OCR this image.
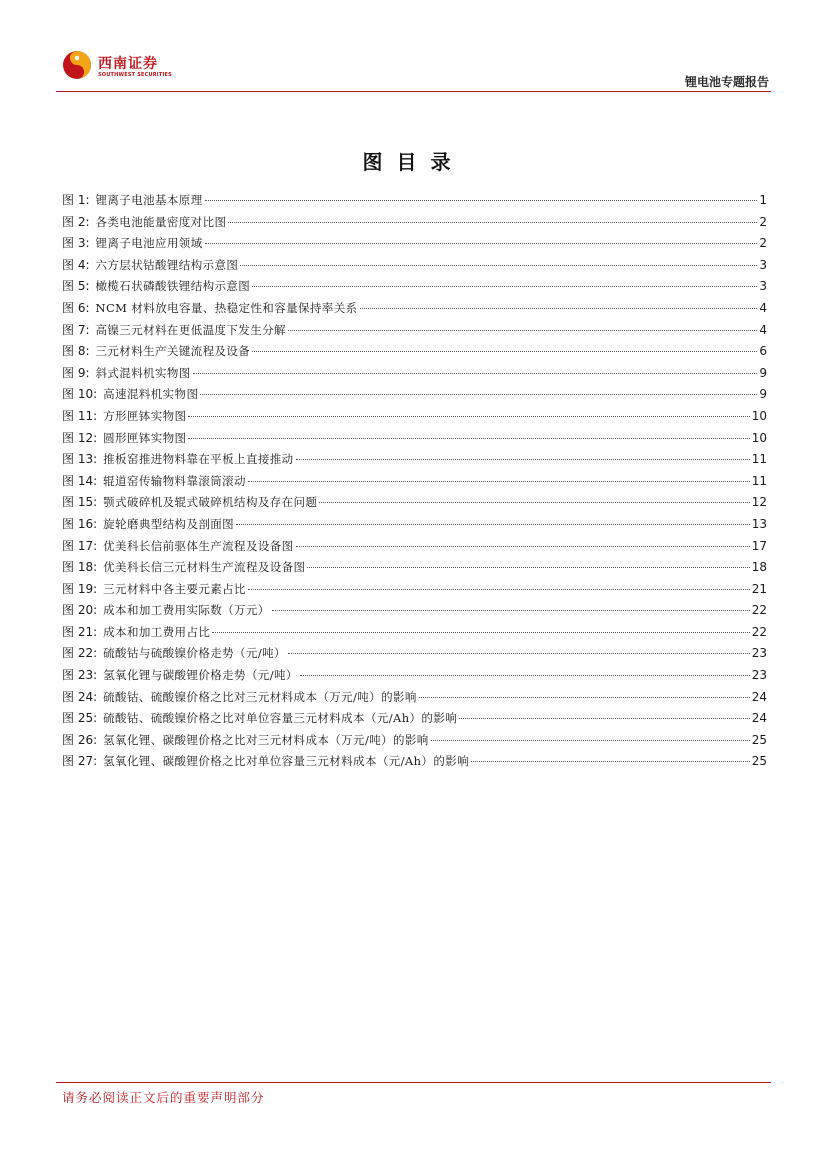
西南证券
SOUTHWEST SECURITIES	锂电池专题报告
图目录
图 1: 锂离子电池基本原理	1
图 2: 各类电池能量密度对比图	2
图 3: 锂离子电池应用领域	2
图 4: 六方层状钴酸锂结构示意图	3
图 5: 橄榄石状磷酸铁锂结构示意图	3
图 6: NCM 材料放电容量、热稳定性和容量保持率关系	4
图 7: 高镍三元材料在更低温度下发生分解	4
图 8: 三元材料生产关键流程及设备	6
图 9: 斜式混料机实物图	9
图 10: 高速混料机实物图	9
图 11: 方形匣钵实物图	10
图 12: 圆形匣钵实物图	10
图 13: 推板窑推进物料靠在平板上直接推动	11
图 14: 辊道窑传输物料靠滚筒滚动	11
图 15: 颚式破碎机及辊式破碎机结构及存在问题	12
图 16: 旋轮磨典型结构及剖面图	13
图 17: 优美科长信前驱体生产流程及设备图	17
图 18: 优美科长信三元材料生产流程及设备图	18
图 19: 三元材料中各主要元素占比	21
图 20: 成本和加工费用实际数（万元）	22
图 21: 成本和加工费用占比	22
图 22: 硫酸钴与硫酸镍价格走势（元/吨）	23
图 23: 氢氧化锂与碳酸锂价格走势（元/吨）	23
图 24: 硫酸钴、硫酸镍价格之比对三元材料成本（万元/吨）的影响	24
图 25: 硫酸钴、硫酸镍价格之比对单位容量三元材料成本（元/Ah）的影响	24
图 26: 氢氧化锂、碳酸锂价格之比对三元材料成本（万元/吨）的影响	25
图 27: 氢氧化锂、碳酸锂价格之比对单位容量三元材料成本（元/Ah）的影响	25
请务必阅读正文后的重要声明部分
